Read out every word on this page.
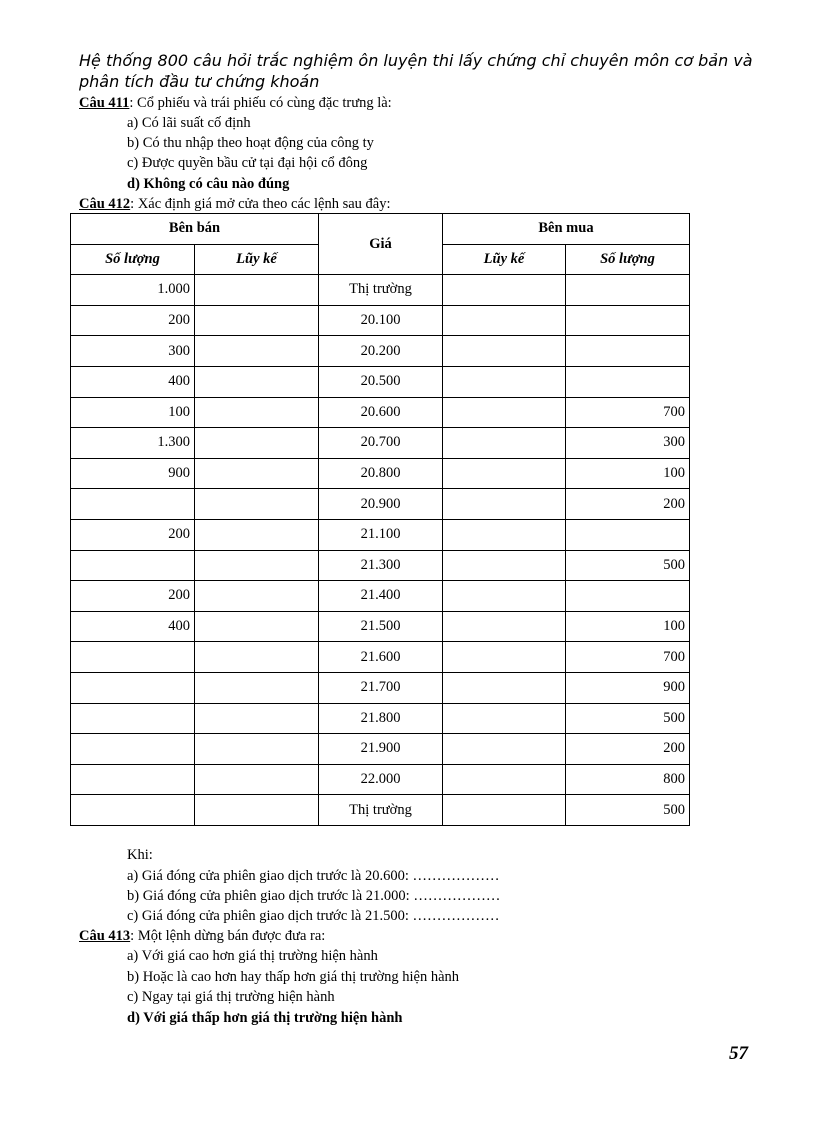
Hệ thống 800 câu hỏi trắc nghiệm ôn luyện thi lấy chứng chỉ chuyên môn cơ bản và
phân tích đầu tư chứng khoán
Câu 411: Cổ phiếu và trái phiếu có cùng đặc trưng là:
a) Có lãi suất cố định
b) Có thu nhập theo hoạt động của công ty
c) Được quyền bầu cử tại đại hội cổ đông
d) Không có câu nào đúng
Câu 412: Xác định giá mở cửa theo các lệnh sau đây:
Bên bán		Giá	Bên mua	
Số lượng	Lũy kế		Lũy kế	Số lượng
1.000		Thị trường		
200		20.100		
300		20.200		
400		20.500		
100		20.600		700
1.300		20.700		300
900		20.800		100
		20.900		200
200		21.100		
		21.300		500
200		21.400		
400		21.500		100
		21.600		700
		21.700		900
		21.800		500
		21.900		200
		22.000		800
		Thị trường		500
Khi:
a) Giá đóng cửa phiên giao dịch trước là 20.600: ………………
b) Giá đóng cửa phiên giao dịch trước là 21.000: ………………
c) Giá đóng cửa phiên giao dịch trước là 21.500: ………………
Câu 413: Một lệnh dừng bán được đưa ra:
a) Với giá cao hơn giá thị trường hiện hành
b) Hoặc là cao hơn hay thấp hơn giá thị trường hiện hành
c) Ngay tại giá thị trường hiện hành
d) Với giá thấp hơn giá thị trường hiện hành
57
